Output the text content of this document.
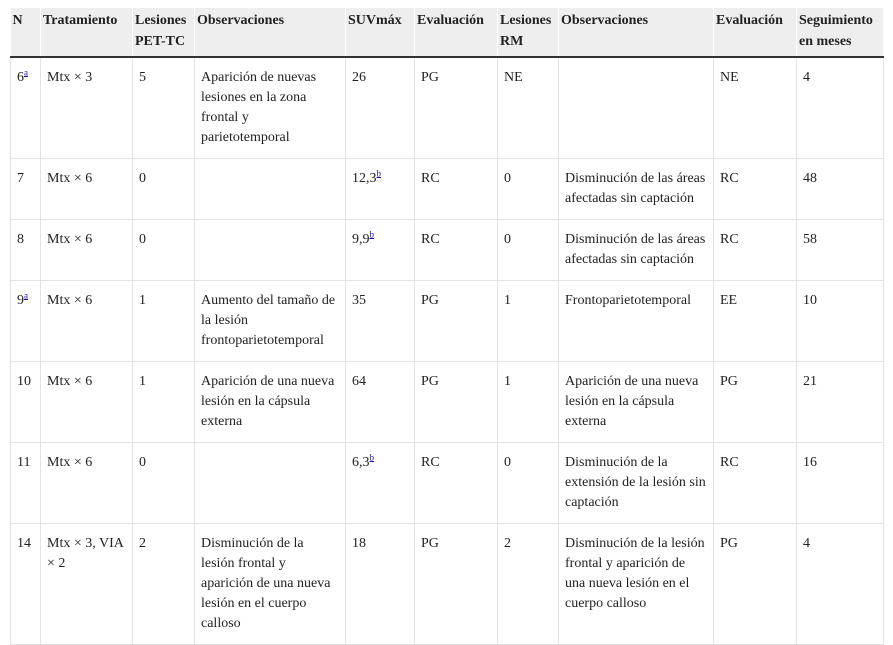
N	Tratamiento	Lesiones PET-TC	Observaciones	SUVmáx	Evaluación	Lesiones RM	Observaciones	Evaluación	Seguimiento en meses
6$^a$	Mtx × 3	5	Aparición de nuevas lesiones en la zona frontal y parietotemporal	26	PG	NE		NE	4
7	Mtx × 6	0		12,3$^b$	RC	0	Disminución de las áreas afectadas sin captación	RC	48
8	Mtx × 6	0		9,9$^b$	RC	0	Disminución de las áreas afectadas sin captación	RC	58
9$^a$	Mtx × 6	1	Aumento del tamaño de la lesión frontoparietotemporal	35	PG	1	Frontoparietotemporal	EE	10
10	Mtx × 6	1	Aparición de una nueva lesión en la cápsula externa	64	PG	1	Aparición de una nueva lesión en la cápsula externa	PG	21
11	Mtx × 6	0		6,3$^b$	RC	0	Disminución de la extensión de la lesión sin captación	RC	16
14	Mtx × 3, VIA × 2	2	Disminución de la lesión frontal y aparición de una nueva lesión en el cuerpo calloso	18	PG	2	Disminución de la lesión frontal y aparición de una nueva lesión en el cuerpo calloso	PG	4
